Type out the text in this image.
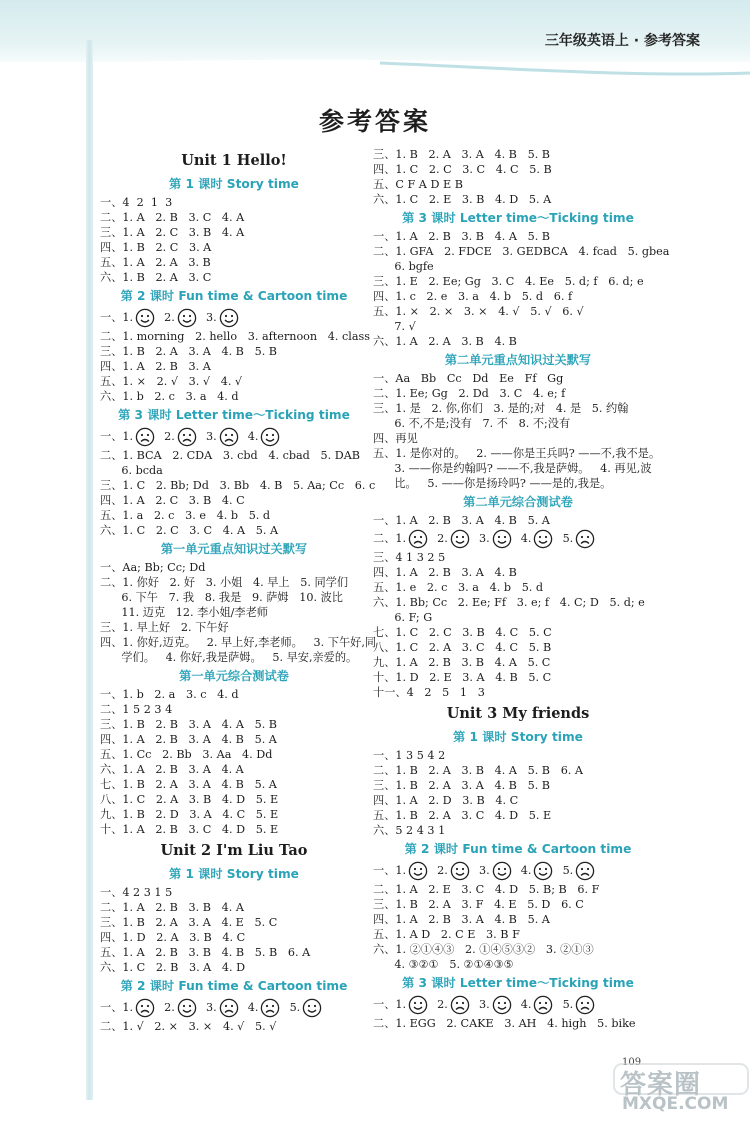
三年级英语上 · 参考答案
参考答案
Unit 1 Hello!
第 1 课时 Story time
一、4  2  1  3
二、1. A   2. B   3. C   4. A
三、1. A   2. C   3. B   4. A
四、1. B   2. C   3. A
五、1. A   2. A   3. B
六、1. B   2. A   3. C
第 2 课时 Fun time & Cartoon time
一、1.  2.  3.
二、1. morning   2. hello   3. afternoon   4. class
三、1. B   2. A   3. A   4. B   5. B
四、1. A   2. B   3. A
五、1. ×   2. √   3. √   4. √
六、1. b   2. c   3. a   4. d
第 3 课时 Letter time～Ticking time
一、1.  2.  3.  4.
二、1. BCA   2. CDA   3. cbd   4. cbad   5. DAB
6. bcda
三、1. C   2. Bb; Dd   3. Bb   4. B   5. Aa; Cc   6. c
四、1. A   2. C   3. B   4. C
五、1. a   2. c   3. e   4. b   5. d
六、1. C   2. C   3. C   4. A   5. A
第一单元重点知识过关默写
一、Aa; Bb; Cc; Dd
二、1. 你好   2. 好   3. 小姐   4. 早上   5. 同学们
6. 下午   7. 我   8. 我是   9. 萨姆   10. 波比
11. 迈克   12. 李小姐/李老师
三、1. 早上好   2. 下午好
四、1. 你好,迈克。   2. 早上好,李老师。   3. 下午好,同
学们。   4. 你好,我是萨姆。   5. 早安,亲爱的。
第一单元综合测试卷
一、1. b   2. a   3. c   4. d
二、1 5 2 3 4
三、1. B   2. B   3. A   4. A   5. B
四、1. A   2. B   3. A   4. B   5. A
五、1. Cc   2. Bb   3. Aa   4. Dd
六、1. A   2. B   3. A   4. A
七、1. B   2. A   3. A   4. B   5. A
八、1. C   2. A   3. B   4. D   5. E
九、1. B   2. D   3. A   4. C   5. E
十、1. A   2. B   3. C   4. D   5. E
Unit 2 I'm Liu Tao
第 1 课时 Story time
一、4 2 3 1 5
二、1. A   2. B   3. B   4. A
三、1. B   2. A   3. A   4. E   5. C
四、1. D   2. A   3. B   4. C
五、1. A   2. B   3. B   4. B   5. B   6. A
六、1. C   2. B   3. A   4. D
第 2 课时 Fun time & Cartoon time
一、1.  2.  3.  4.  5.
二、1. √   2. ×   3. ×   4. √   5. √
三、1. B   2. A   3. A   4. B   5. B
四、1. C   2. C   3. C   4. C   5. B
五、C F A D E B
六、1. C   2. E   3. B   4. D   5. A
第 3 课时 Letter time～Ticking time
一、1. A   2. B   3. B   4. A   5. B
二、1. GFA   2. FDCE   3. GEDBCA   4. fcad   5. gbea
6. bgfe
三、1. E   2. Ee; Gg   3. C   4. Ee   5. d; f   6. d; e
四、1. c   2. e   3. a   4. b   5. d   6. f
五、1. ×   2. ×   3. ×   4. √   5. √   6. √
7. √
六、1. A   2. A   3. B   4. B
第二单元重点知识过关默写
一、Aa   Bb   Cc   Dd   Ee   Ff   Gg
二、1. Ee; Gg   2. Dd   3. C   4. e; f
三、1. 是   2. 你,你们   3. 是的;对   4. 是   5. 约翰
6. 不,不是;没有   7. 不   8. 不;没有
四、再见
五、1. 是你对的。   2. ——你是王兵吗? ——不,我不是。
3. ——你是约翰吗? ——不,我是萨姆。   4. 再见,波
比。   5. ——你是扬玲吗? ——是的,我是。
第二单元综合测试卷
一、1. A   2. B   3. A   4. B   5. A
二、1.  2.  3.  4.  5.
三、4 1 3 2 5
四、1. A   2. B   3. A   4. B
五、1. e   2. c   3. a   4. b   5. d
六、1. Bb; Cc   2. Ee; Ff   3. e; f   4. C; D   5. d; e
6. F; G
七、1. C   2. C   3. B   4. C   5. C
八、1. C   2. A   3. C   4. C   5. B
九、1. A   2. B   3. B   4. A   5. C
十、1. D   2. E   3. A   4. B   5. C
十一、4   2   5   1   3
Unit 3 My friends
第 1 课时 Story time
一、1 3 5 4 2
二、1. B   2. A   3. B   4. A   5. B   6. A
三、1. B   2. A   3. A   4. B   5. B
四、1. A   2. D   3. B   4. C
五、1. B   2. A   3. C   4. D   5. E
六、5 2 4 3 1
第 2 课时 Fun time & Cartoon time
一、1.  2.  3.  4.  5.
二、1. A   2. E   3. C   4. D   5. B; B   6. F
三、1. B   2. A   3. F   4. E   5. D   6. C
四、1. A   2. B   3. A   4. B   5. A
五、1. A D   2. C E   3. B F
六、1. ②①④③   2. ①④⑤③②   3. ②①③
4. ③②①   5. ②①④③⑤
第 3 课时 Letter time～Ticking time
一、1.  2.  3.  4.  5.
二、1. EGG   2. CAKE   3. AH   4. high   5. bike
109
答案圈
MXQE.COM
